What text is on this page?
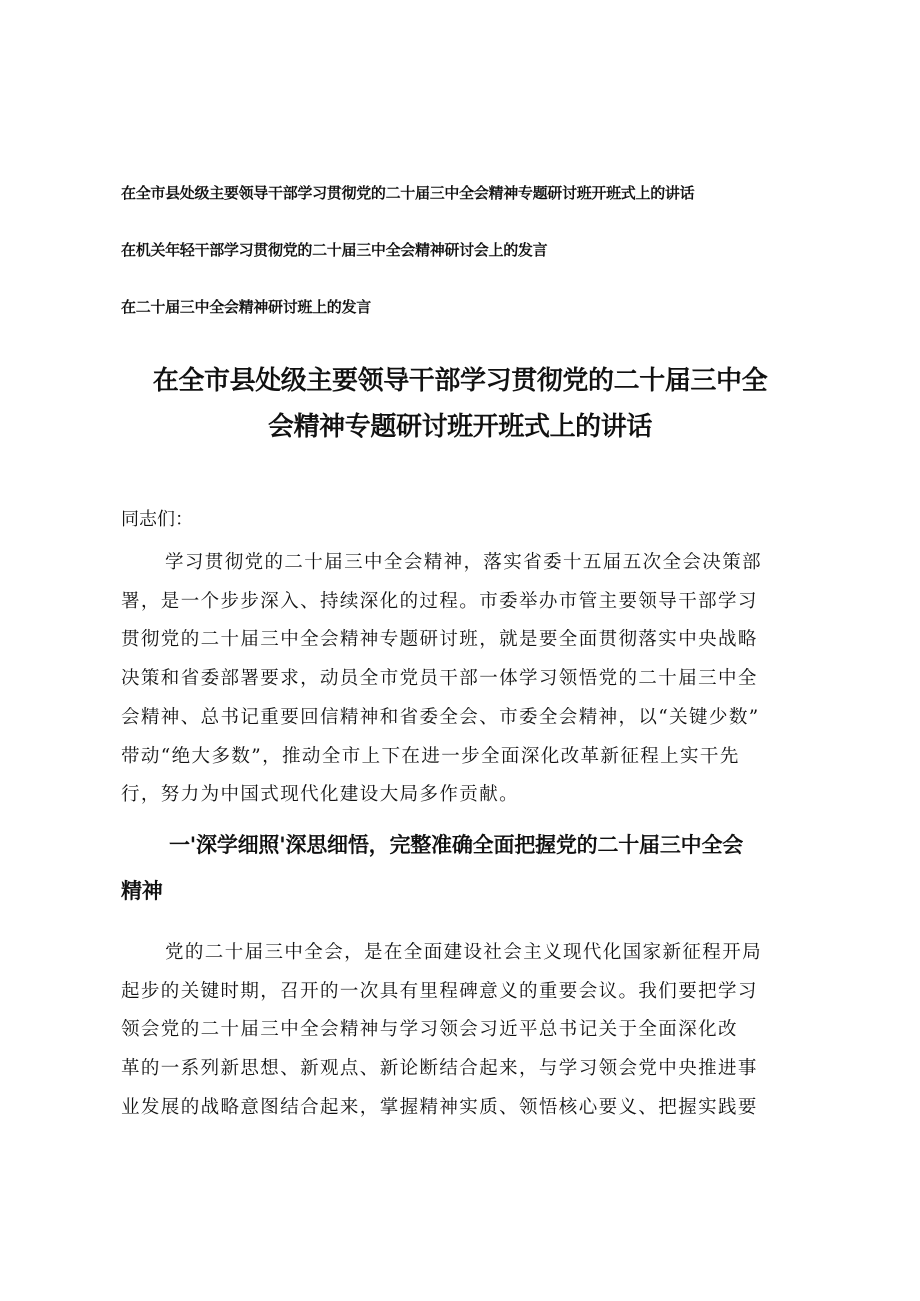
在全市县处级主要领导干部学习贯彻党的二十届三中全会精神专题研讨班开班式上的讲话
在机关年轻干部学习贯彻党的二十届三中全会精神研讨会上的发言
在二十届三中全会精神研讨班上的发言
在全市县处级主要领导干部学习贯彻党的二十届三中全
会精神专题研讨班开班式上的讲话
同志们：
学习贯彻党的二十届三中全会精神，落实省委十五届五次全会决策部
署，是一个步步深入、持续深化的过程。市委举办市管主要领导干部学习
贯彻党的二十届三中全会精神专题研讨班，就是要全面贯彻落实中央战略
决策和省委部署要求，动员全市党员干部一体学习领悟党的二十届三中全
会精神、总书记重要回信精神和省委全会、市委全会精神，以“关键少数”
带动“绝大多数”，推动全市上下在进一步全面深化改革新征程上实干先
行，努力为中国式现代化建设大局多作贡献。
一'深学细照'深思细悟，完整准确全面把握党的二十届三中全会
精神
党的二十届三中全会，是在全面建设社会主义现代化国家新征程开局
起步的关键时期，召开的一次具有里程碑意义的重要会议。我们要把学习
领会党的二十届三中全会精神与学习领会习近平总书记关于全面深化改
革的一系列新思想、新观点、新论断结合起来，与学习领会党中央推进事
业发展的战略意图结合起来，掌握精神实质、领悟核心要义、把握实践要
